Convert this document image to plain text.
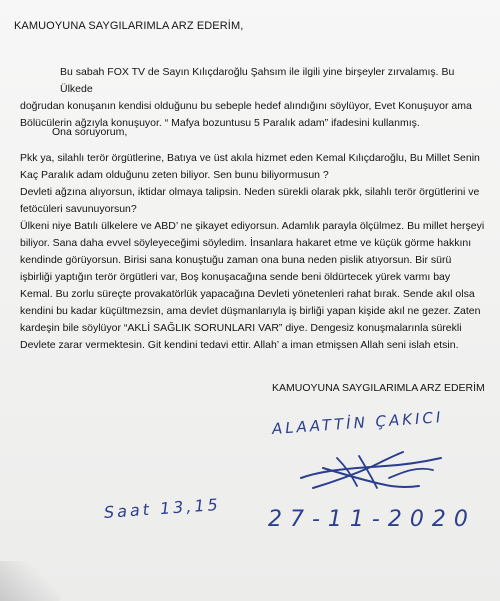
KAMUOYUNA SAYGILARIMLA ARZ EDERİM,

Bu sabah FOX TV de Sayın Kılıçdaroğlu Şahsım ile ilgili yine birşeyler zırvalamış. Bu Ülkede
doğrudan konuşanın kendisi olduğunu bu sebeple hedef alındığını söylüyor, Evet Konuşuyor ama Bölücülerin ağzıyla konuşuyor. “ Mafya bozuntusu 5 Paralık adam” ifadesini kullanmış.

Ona soruyorum,

Pkk ya, silahlı terör örgütlerine, Batıya ve üst akıla hizmet eden Kemal Kılıçdaroğlu, Bu Millet Senin Kaç Paralık adam olduğunu zeten biliyor. Sen bunu biliyormusun ?

Devleti ağzına alıyorsun, iktidar olmaya talipsin. Neden sürekli olarak pkk, silahlı terör örgütlerini ve fetöcüleri savunuyorsun?

Ülkeni niye Batılı ülkelere ve ABD’ ne şikayet ediyorsun. Adamlık parayla ölçülmez. Bu millet herşeyi biliyor. Sana daha evvel söyleyeceğimi söyledim. İnsanlara hakaret etme ve küçük görme hakkını kendinde görüyorsun. Birisi sana konuştuğu zaman ona buna neden pislik atıyorsun. Bir sürü işbirliği yaptığın terör örgütleri var, Boş konuşacağına sende beni öldürtecek yürek varmı bay Kemal. Bu zorlu süreçte provakatörlük yapacağına Devleti yönetenleri rahat bırak. Sende akıl olsa kendini bu kadar küçültmezsin, ama devlet düşmanlarıyla iş birliği yapan kişide akıl ne gezer. Zaten kardeşin bile söylüyor “AKLİ SAĞLIK SORUNLARI VAR” diye. Dengesiz konuşmalarınla sürekli Devlete zarar vermektesin. Git kendini tedavi ettir. Allah’ a iman etmişsen Allah seni islah etsin.

KAMUOYUNA SAYGILARIMLA ARZ EDERİM

ALAATTİN ÇAKICI
Saat 13,15 27-11-2020
